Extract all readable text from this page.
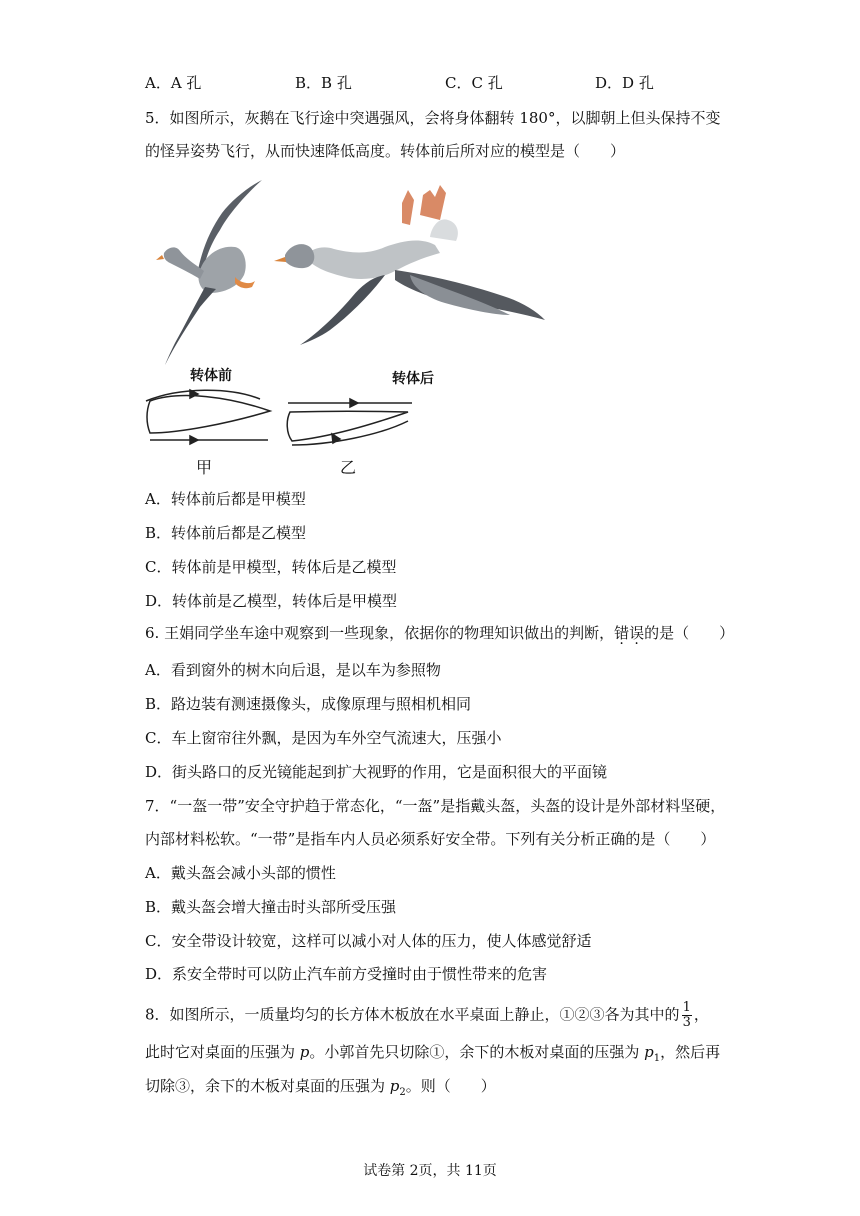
A．A 孔	B．B 孔	C．C 孔	D．D 孔
5．如图所示，灰鹅在飞行途中突遇强风，会将身体翻转 180°，以脚朝上但头保持不变
的怪异姿势飞行，从而快速降低高度。转体前后所对应的模型是（　　）
转体前	转体后
甲	乙
A．转体前后都是甲模型
B．转体前后都是乙模型
C．转体前是甲模型，转体后是乙模型
D．转体前是乙模型，转体后是甲模型
6. 王娟同学坐车途中观察到一些现象，依据你的物理知识做出的判断，错误的是（　　）
A．看到窗外的树木向后退，是以车为参照物
B．路边装有测速摄像头，成像原理与照相机相同
C．车上窗帘往外飘，是因为车外空气流速大，压强小
D．街头路口的反光镜能起到扩大视野的作用，它是面积很大的平面镜
7．“一盔一带”安全守护趋于常态化，“一盔”是指戴头盔，头盔的设计是外部材料坚硬，
内部材料松软。“一带”是指车内人员必须系好安全带。下列有关分析正确的是（　　）
A．戴头盔会减小头部的惯性
B．戴头盔会增大撞击时头部所受压强
C．安全带设计较宽，这样可以减小对人体的压力，使人体感觉舒适
D．系安全带时可以防止汽车前方受撞时由于惯性带来的危害
8．如图所示，一质量均匀的长方体木板放在水平桌面上静止，①②③各为其中的 $\frac{1}{3}$ ，
此时它对桌面的压强为 p。小郭首先只切除①，余下的木板对桌面的压强为 $p_1$，然后再
切除③，余下的木板对桌面的压强为 $p_2$。则（　　）
试卷第 2页，共 11页
